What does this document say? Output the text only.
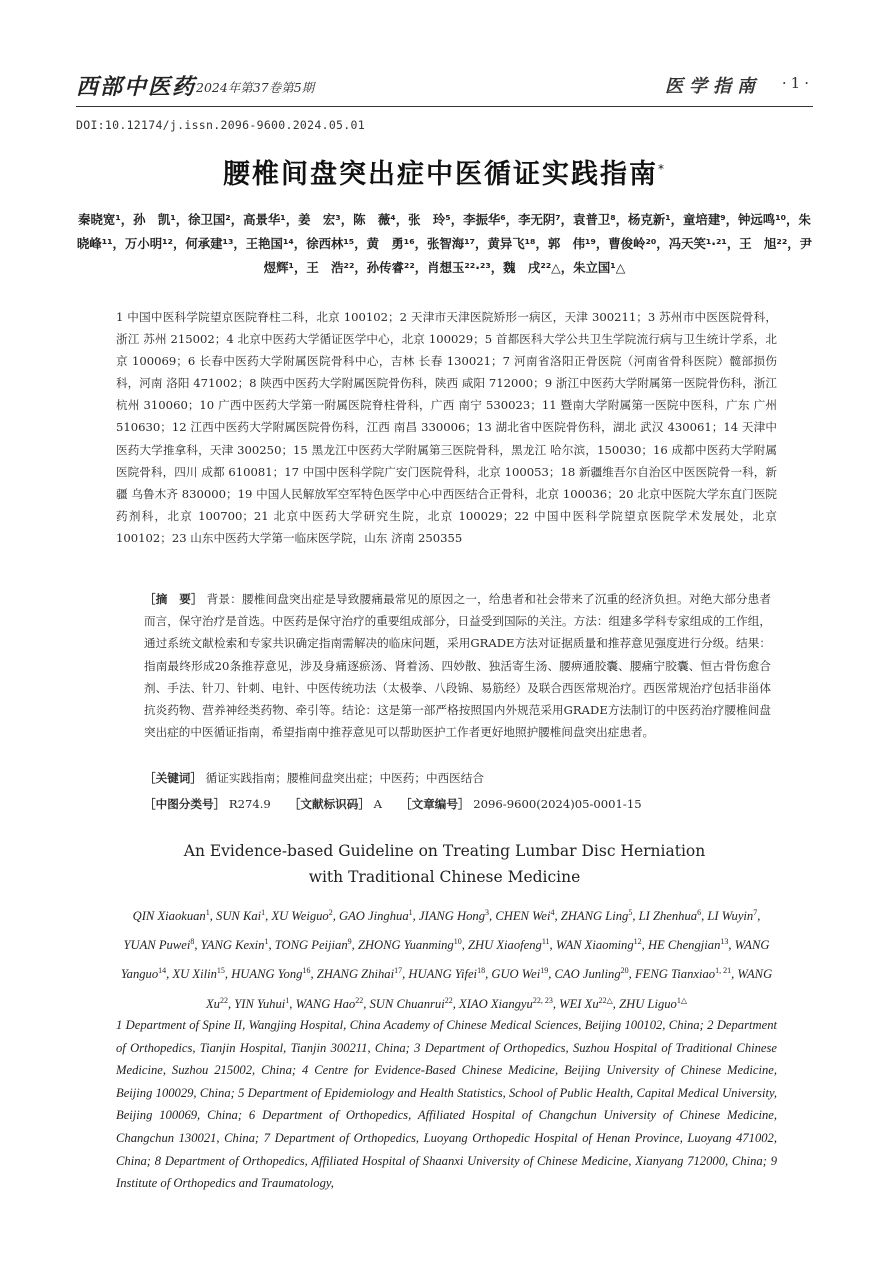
西部中医药 2024年第37卷第5期	医学指南 ·1·
DOI:10.12174/j.issn.2096-9600.2024.05.01
腰椎间盘突出症中医循证实践指南*
秦晓宽¹，孙　凯¹，徐卫国²，高景华¹，姜　宏³，陈　薇⁴，张　玲⁵，李振华⁶，李无阴⁷，袁普卫⁸，杨克新¹，童培建⁹，钟远鸣¹⁰，朱晓峰¹¹，万小明¹²，何承建¹³，王艳国¹⁴，徐西林¹⁵，黄　勇¹⁶，张智海¹⁷，黄异飞¹⁸，郭　伟¹⁹，曹俊岭²⁰，冯天笑¹·²¹，王　旭²²，尹煜辉¹，王　浩²²，孙传睿²²，肖想玉²²·²³，魏　戌²²△，朱立国¹△
1 中国中医科学院望京医院脊柱二科，北京 100102；2 天津市天津医院矫形一病区，天津 300211；3 苏州市中医医院骨科，浙江 苏州 215002；4 北京中医药大学循证医学中心，北京 100029；5 首都医科大学公共卫生学院流行病与卫生统计学系，北京 100069；6 长春中医药大学附属医院骨科中心，吉林 长春 130021；7 河南省洛阳正骨医院（河南省骨科医院）髋部损伤科，河南 洛阳 471002；8 陕西中医药大学附属医院骨伤科，陕西 咸阳 712000；9 浙江中医药大学附属第一医院骨伤科，浙江 杭州 310060；10 广西中医药大学第一附属医院脊柱骨科，广西 南宁 530023；11 暨南大学附属第一医院中医科，广东 广州 510630；12 江西中医药大学附属医院骨伤科，江西 南昌 330006；13 湖北省中医院骨伤科，湖北 武汉 430061；14 天津中医药大学推拿科，天津 300250；15 黑龙江中医药大学附属第三医院骨科，黑龙江 哈尔滨，150030；16 成都中医药大学附属医院骨科，四川 成都 610081；17 中国中医科学院广安门医院骨科，北京 100053；18 新疆维吾尔自治区中医医院骨一科，新疆 乌鲁木齐 830000；19 中国人民解放军空军特色医学中心中西医结合正骨科，北京 100036；20 北京中医院大学东直门医院药剂科，北京 100700；21 北京中医药大学研究生院，北京 100029；22 中国中医科学院望京医院学术发展处，北京 100102；23 山东中医药大学第一临床医学院，山东 济南 250355
［摘　要］ 背景：腰椎间盘突出症是导致腰痛最常见的原因之一，给患者和社会带来了沉重的经济负担。对绝大部分患者而言，保守治疗是首选。中医药是保守治疗的重要组成部分，日益受到国际的关注。方法：组建多学科专家组成的工作组，通过系统文献检索和专家共识确定指南需解决的临床问题，采用GRADE方法对证据质量和推荐意见强度进行分级。结果：指南最终形成20条推荐意见，涉及身痛逐瘀汤、肾着汤、四妙散、独活寄生汤、腰痹通胶囊、腰痛宁胶囊、恒古骨伤愈合剂、手法、针刀、针刺、电针、中医传统功法（太极拳、八段锦、易筋经）及联合西医常规治疗。西医常规治疗包括非甾体抗炎药物、营养神经类药物、牵引等。结论：这是第一部严格按照国内外规范采用GRADE方法制订的中医药治疗腰椎间盘突出症的中医循证指南，希望指南中推荐意见可以帮助医护工作者更好地照护腰椎间盘突出症患者。
［关键词］ 循证实践指南；腰椎间盘突出症；中医药；中西医结合
［中图分类号］ R274.9 ［文献标识码］ A ［文章编号］ 2096-9600(2024)05-0001-15
An Evidence-based Guideline on Treating Lumbar Disc Herniation
with Traditional Chinese Medicine
QIN Xiaokuan$^1$, SUN Kai$^1$, XU Weiguo$^2$, GAO Jinghua$^1$, JIANG Hong$^3$, CHEN Wei$^4$, ZHANG Ling$^5$, LI Zhenhua$^6$, LI Wuyin$^7$, YUAN Puwei$^8$, YANG Kexin$^1$, TONG Peijian$^9$, ZHONG Yuanming$^{10}$, ZHU Xiaofeng$^{11}$, WAN Xiaoming$^{12}$, HE Chengjian$^{13}$, WANG Yanguo$^{14}$, XU Xilin$^{15}$, HUANG Yong$^{16}$, ZHANG Zhihai$^{17}$, HUANG Yifei$^{18}$, GUO Wei$^{19}$, CAO Junling$^{20}$, FENG Tianxiao$^{1, 21}$, WANG Xu$^{22}$, YIN Yuhui$^1$, WANG Hao$^{22}$, SUN Chuanrui$^{22}$, XIAO Xiangyu$^{22, 23}$, WEI $Xu^{22\triangle}$, ZHU Liguo$^{1\triangle}$
1 Department of Spine II, Wangjing Hospital, China Academy of Chinese Medical Sciences, Beijing 100102, China; 2 Department of Orthopedics, Tianjin Hospital, Tianjin 300211, China; 3 Department of Orthopedics, Suzhou Hospital of Traditional Chinese Medicine, Suzhou 215002, China; 4 Centre for Evidence-Based Chinese Medicine, Beijing University of Chinese Medicine, Beijing 100029, China; 5 Department of Epidemiology and Health Statistics, School of Public Health, Capital Medical University, Beijing 100069, China; 6 Department of Orthopedics, Affiliated Hospital of Changchun University of Chinese Medicine, Changchun 130021, China; 7 Department of Orthopedics, Luoyang Orthopedic Hospital of Henan Province, Luoyang 471002, China; 8 Department of Orthopedics, Affiliated Hospital of Shaanxi University of Chinese Medicine, Xianyang 712000, China; 9 Institute of Orthopedics and Traumatology,
